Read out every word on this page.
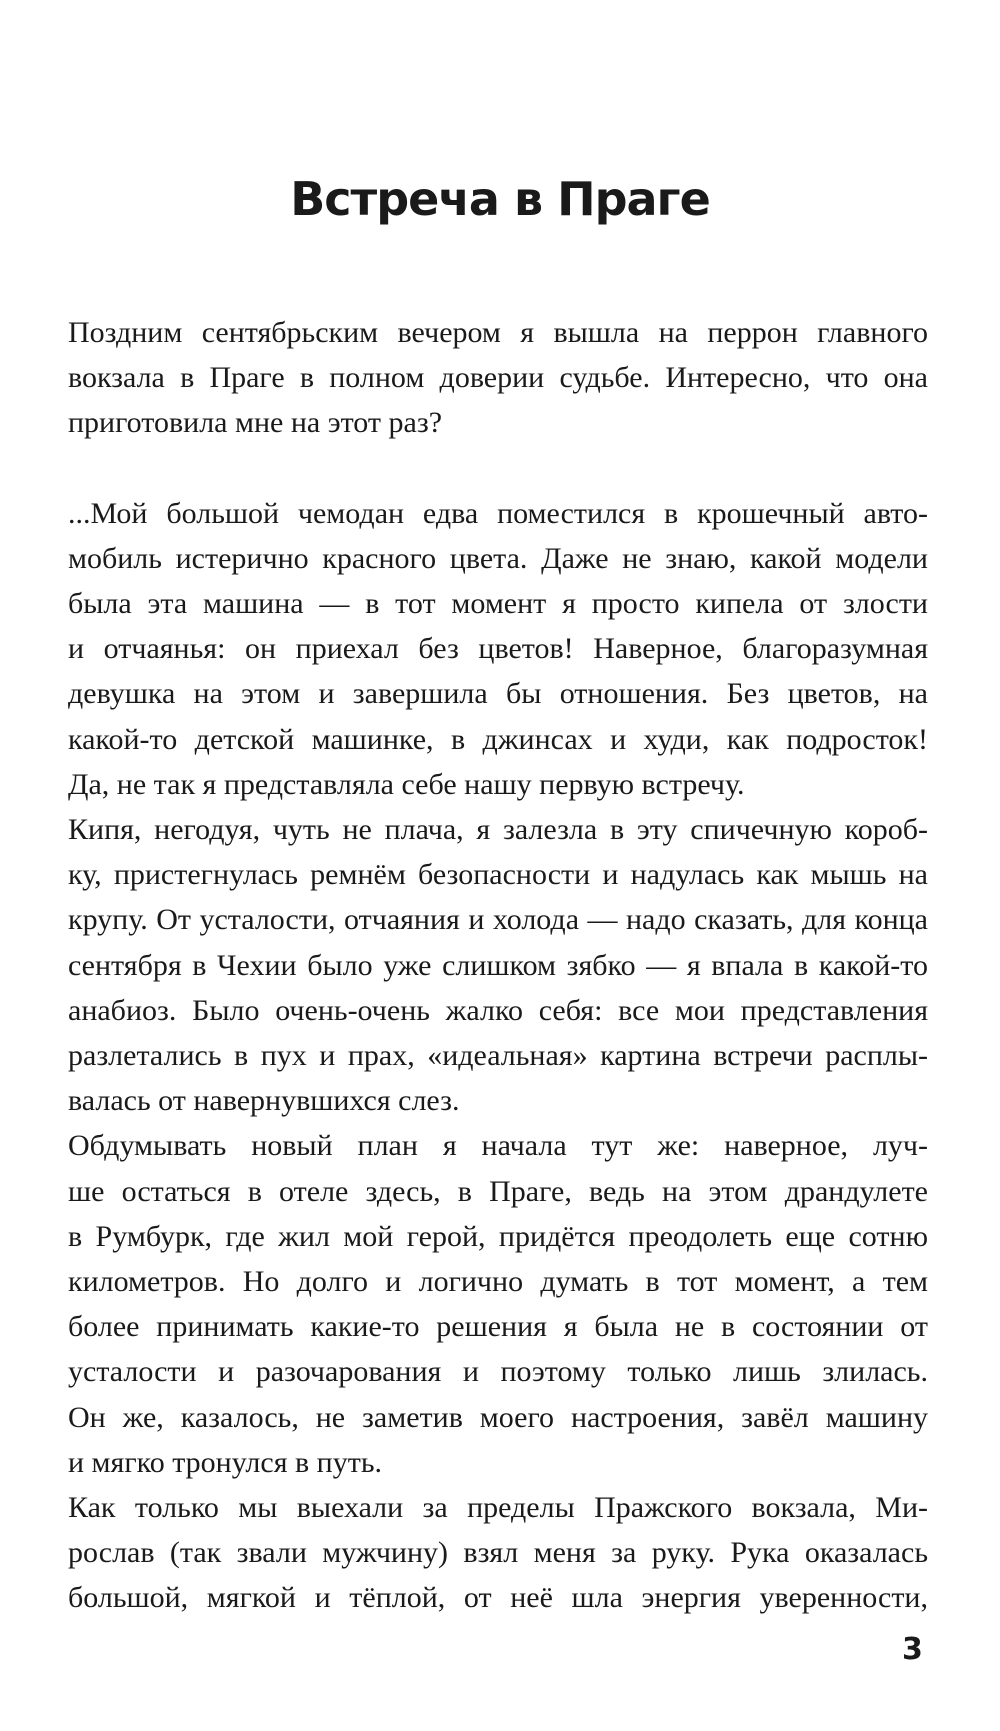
Встреча в Праге

Поздним сентябрьским вечером я вышла на перрон главного
вокзала в Праге в полном доверии судьбе. Интересно, что она
приготовила мне на этот раз?

...Мой большой чемодан едва поместился в крошечный авто-
мобиль истерично красного цвета. Даже не знаю, какой модели
была эта машина — в тот момент я просто кипела от злости
и отчаянья: он приехал без цветов! Наверное, благоразумная
девушка на этом и завершила бы отношения. Без цветов, на
какой-то детской машинке, в джинсах и худи, как подросток!
Да, не так я представляла себе нашу первую встречу.

Кипя, негодуя, чуть не плача, я залезла в эту спичечную короб-
ку, пристегнулась ремнём безопасности и надулась как мышь на
крупу. От усталости, отчаяния и холода — надо сказать, для конца
сентября в Чехии было уже слишком зябко — я впала в какой-то
анабиоз. Было очень-очень жалко себя: все мои представления
разлетались в пух и прах, «идеальная» картина встречи расплы-
валась от навернувшихся слез.

Обдумывать новый план я начала тут же: наверное, луч-
ше остаться в отеле здесь, в Праге, ведь на этом драндулете
в Румбурк, где жил мой герой, придётся преодолеть еще сотню
километров. Но долго и логично думать в тот момент, а тем
более принимать какие-то решения я была не в состоянии от
усталости и разочарования и поэтому только лишь злилась.
Он же, казалось, не заметив моего настроения, завёл машину
и мягко тронулся в путь.

Как только мы выехали за пределы Пражского вокзала, Ми-
рослав (так звали мужчину) взял меня за руку. Рука оказалась
большой, мягкой и тёплой, от неё шла энергия уверенности,

3
